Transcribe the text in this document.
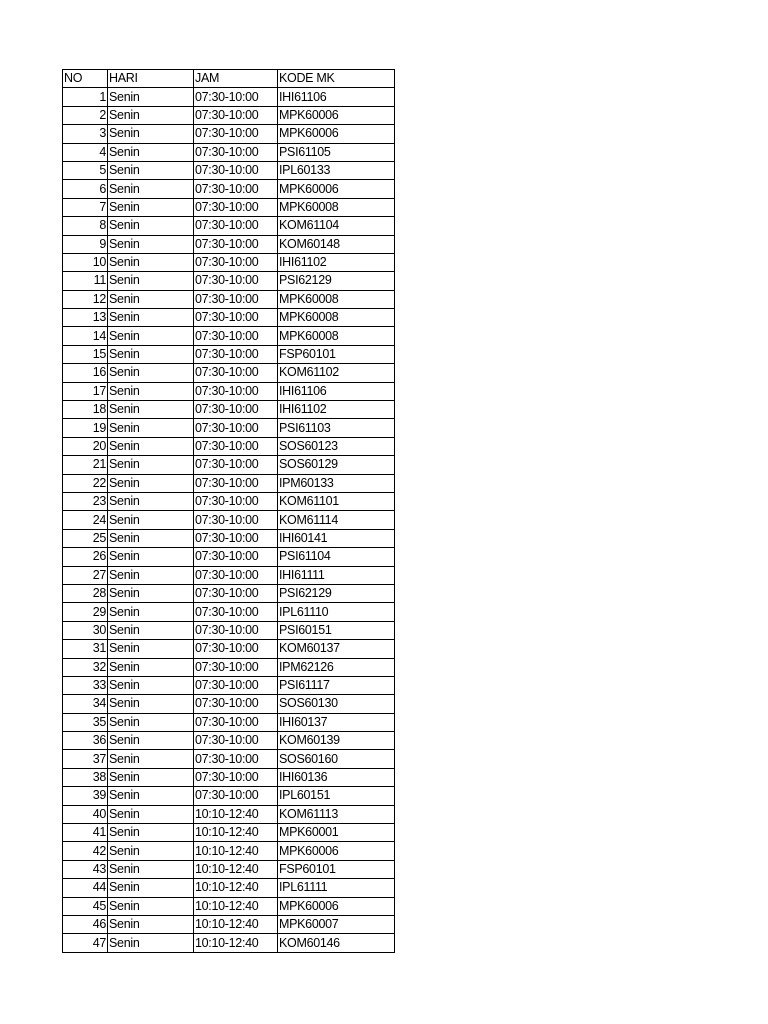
NO	HARI	JAM	KODE MK
1	Senin	07:30-10:00	IHI61106
2	Senin	07:30-10:00	MPK60006
3	Senin	07:30-10:00	MPK60006
4	Senin	07:30-10:00	PSI61105
5	Senin	07:30-10:00	IPL60133
6	Senin	07:30-10:00	MPK60006
7	Senin	07:30-10:00	MPK60008
8	Senin	07:30-10:00	KOM61104
9	Senin	07:30-10:00	KOM60148
10	Senin	07:30-10:00	IHI61102
11	Senin	07:30-10:00	PSI62129
12	Senin	07:30-10:00	MPK60008
13	Senin	07:30-10:00	MPK60008
14	Senin	07:30-10:00	MPK60008
15	Senin	07:30-10:00	FSP60101
16	Senin	07:30-10:00	KOM61102
17	Senin	07:30-10:00	IHI61106
18	Senin	07:30-10:00	IHI61102
19	Senin	07:30-10:00	PSI61103
20	Senin	07:30-10:00	SOS60123
21	Senin	07:30-10:00	SOS60129
22	Senin	07:30-10:00	IPM60133
23	Senin	07:30-10:00	KOM61101
24	Senin	07:30-10:00	KOM61114
25	Senin	07:30-10:00	IHI60141
26	Senin	07:30-10:00	PSI61104
27	Senin	07:30-10:00	IHI61111
28	Senin	07:30-10:00	PSI62129
29	Senin	07:30-10:00	IPL61110
30	Senin	07:30-10:00	PSI60151
31	Senin	07:30-10:00	KOM60137
32	Senin	07:30-10:00	IPM62126
33	Senin	07:30-10:00	PSI61117
34	Senin	07:30-10:00	SOS60130
35	Senin	07:30-10:00	IHI60137
36	Senin	07:30-10:00	KOM60139
37	Senin	07:30-10:00	SOS60160
38	Senin	07:30-10:00	IHI60136
39	Senin	07:30-10:00	IPL60151
40	Senin	10:10-12:40	KOM61113
41	Senin	10:10-12:40	MPK60001
42	Senin	10:10-12:40	MPK60006
43	Senin	10:10-12:40	FSP60101
44	Senin	10:10-12:40	IPL61111
45	Senin	10:10-12:40	MPK60006
46	Senin	10:10-12:40	MPK60007
47	Senin	10:10-12:40	KOM60146
